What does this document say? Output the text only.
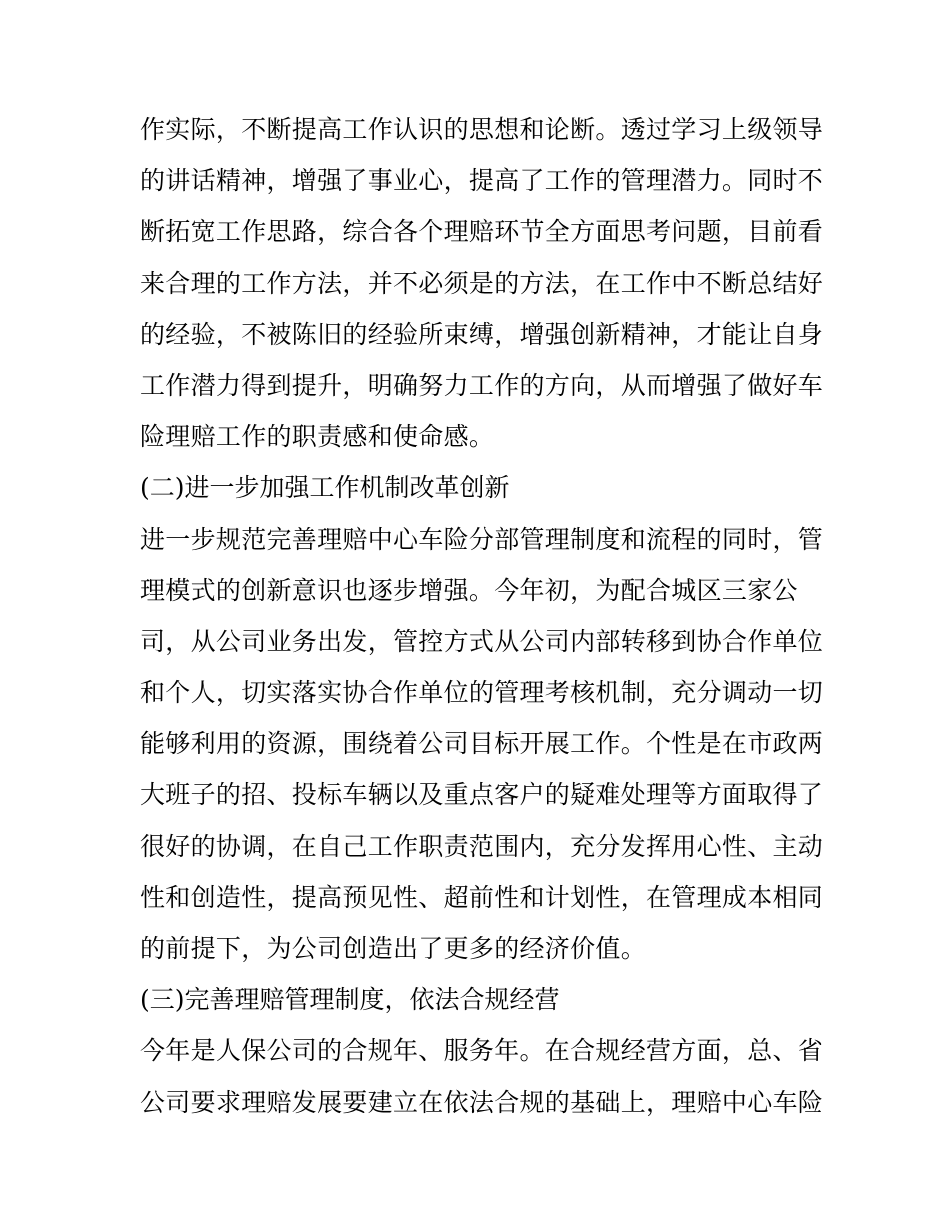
作实际，不断提高工作认识的思想和论断。透过学习上级领导
的讲话精神，增强了事业心，提高了工作的管理潜力。同时不
断拓宽工作思路，综合各个理赔环节全方面思考问题，目前看
来合理的工作方法，并不必须是的方法，在工作中不断总结好
的经验，不被陈旧的经验所束缚，增强创新精神，才能让自身
工作潜力得到提升，明确努力工作的方向，从而增强了做好车
险理赔工作的职责感和使命感。
(二)进一步加强工作机制改革创新
进一步规范完善理赔中心车险分部管理制度和流程的同时，管
理模式的创新意识也逐步增强。今年初，为配合城区三家公
司，从公司业务出发，管控方式从公司内部转移到协合作单位
和个人，切实落实协合作单位的管理考核机制，充分调动一切
能够利用的资源，围绕着公司目标开展工作。个性是在市政两
大班子的招、投标车辆以及重点客户的疑难处理等方面取得了
很好的协调，在自己工作职责范围内，充分发挥用心性、主动
性和创造性，提高预见性、超前性和计划性，在管理成本相同
的前提下，为公司创造出了更多的经济价值。
(三)完善理赔管理制度，依法合规经营
今年是人保公司的合规年、服务年。在合规经营方面，总、省
公司要求理赔发展要建立在依法合规的基础上，理赔中心车险
